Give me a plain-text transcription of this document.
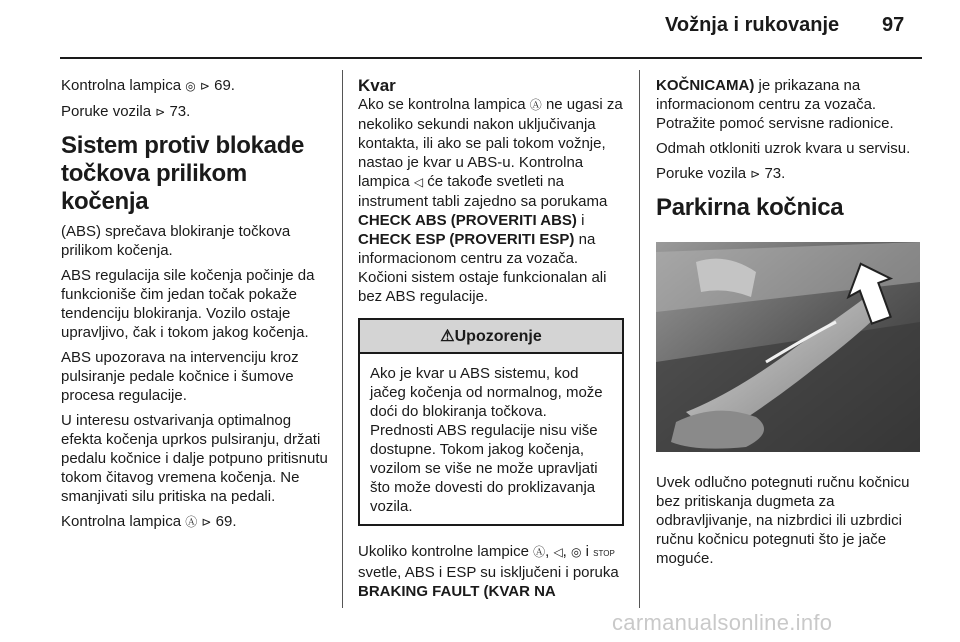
Vožnja i rukovanje 97

Kontrolna lampica ◎ ⊳ 69.

Poruke vozila ⊳ 73.

Sistem protiv blokade točkova prilikom kočenja

(ABS) sprečava blokiranje točkova prilikom kočenja.

ABS regulacija sile kočenja počinje da funkcioniše čim jedan točak pokaže tendenciju blokiranja. Vozilo ostaje upravljivo, čak i tokom jakog kočenja.

ABS upozorava na intervenciju kroz pulsiranje pedale kočnice i šumove procesa regulacije.

U interesu ostvarivanja optimalnog efekta kočenja uprkos pulsiranju, držati pedalu kočnice i dalje potpuno pritisnutu tokom čitavog vremena kočenja. Ne smanjivati silu pritiska na pedali.

Kontrolna lampica Ⓐ ⊳ 69.

Kvar

Ako se kontrolna lampica Ⓐ ne ugasi za nekoliko sekundi nakon uključivanja kontakta, ili ako se pali tokom vožnje, nastao je kvar u ABS-u. Kontrolna lampica ◁ će takođe svetleti na instrument tabli zajedno sa porukama CHECK ABS (PROVERITI ABS) i CHECK ESP (PROVERITI ESP) na informacionom centru za vozača. Kočioni sistem ostaje funkcionalan ali bez ABS regulacije.

⚠Upozorenje
Ako je kvar u ABS sistemu, kod jačeg kočenja od normalnog, može doći do blokiranja točkova. Prednosti ABS regulacije nisu više dostupne. Tokom jakog kočenja, vozilom se više ne može upravljati što može dovesti do proklizavanja vozila.

Ukoliko kontrolne lampice Ⓐ, ◁, ◎ i STOP svetle, ABS i ESP su isključeni i poruka BRAKING FAULT (KVAR NA

KOČNICAMA) je prikazana na informacionom centru za vozača. Potražite pomoć servisne radionice.

Odmah otkloniti uzrok kvara u servisu.

Poruke vozila ⊳ 73.

Parkirna kočnica

Uvek odlučno potegnuti ručnu kočnicu bez pritiskanja dugmeta za odbravljivanje, na nizbrdici ili uzbrdici ručnu kočnicu potegnuti što je jače moguće.

carmanualsonline.info
